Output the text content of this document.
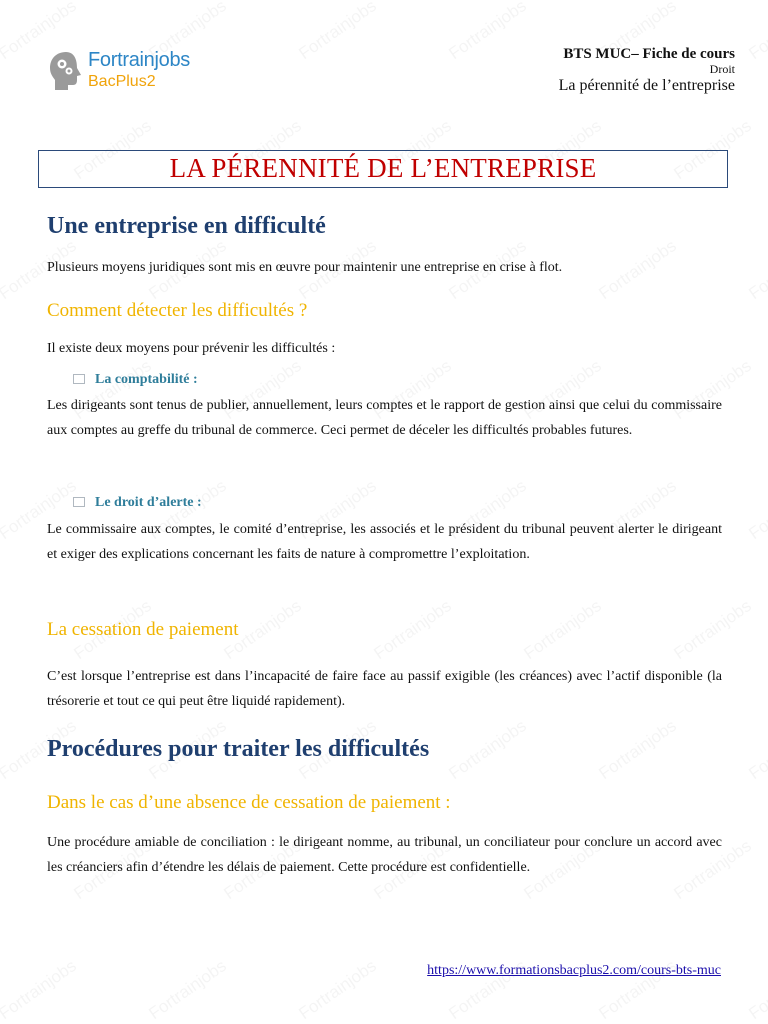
Fortrainjobs
BacPlus2
BTS MUC– Fiche de cours
Droit
La pérennité de l’entreprise
LA PÉRENNITÉ DE L’ENTREPRISE
Une entreprise en difficulté
Plusieurs moyens juridiques sont mis en œuvre pour maintenir une entreprise en crise à flot.
Comment détecter les difficultés ?
Il existe deux moyens pour prévenir les difficultés :
La comptabilité :
Les dirigeants sont tenus de publier, annuellement, leurs comptes et le rapport de gestion ainsi que celui du commissaire aux comptes au greffe du tribunal de commerce. Ceci permet de déceler les difficultés probables futures.
Le droit d’alerte :
Le commissaire aux comptes, le comité d’entreprise, les associés et le président du tribunal peuvent alerter le dirigeant et exiger des explications concernant les faits de nature à compromettre l’exploitation.
La cessation de paiement
C’est lorsque l’entreprise est dans l’incapacité de faire face au passif exigible (les créances) avec l’actif disponible (la trésorerie et tout ce qui peut être liquidé rapidement).
Procédures pour traiter les difficultés
Dans le cas d’une absence de cessation de paiement :
Une procédure amiable de conciliation : le dirigeant nomme, au tribunal, un conciliateur pour conclure un accord avec les créanciers afin d’étendre les délais de paiement. Cette procédure est confidentielle.
https://www.formationsbacplus2.com/cours-bts-muc
